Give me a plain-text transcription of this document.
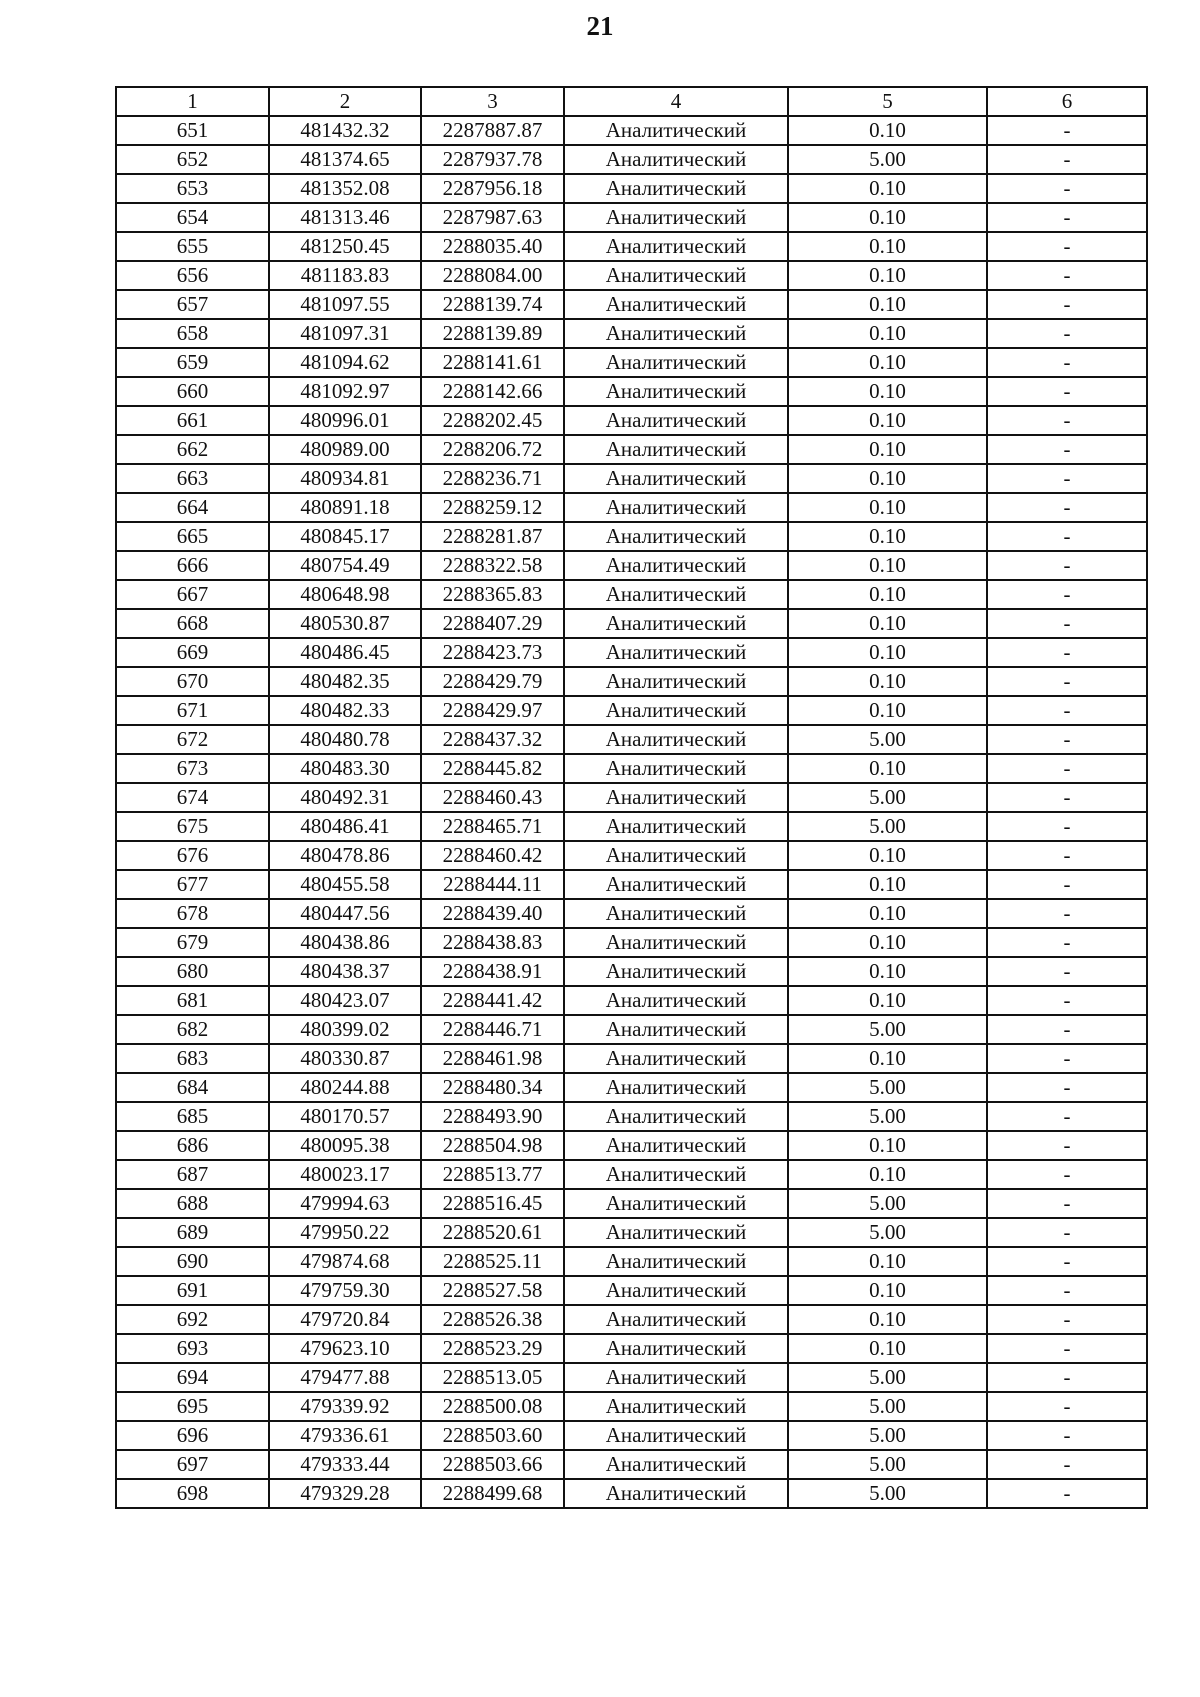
21
1	2	3	4	5	6
651	481432.32	2287887.87	Аналитический	0.10	-
652	481374.65	2287937.78	Аналитический	5.00	-
653	481352.08	2287956.18	Аналитический	0.10	-
654	481313.46	2287987.63	Аналитический	0.10	-
655	481250.45	2288035.40	Аналитический	0.10	-
656	481183.83	2288084.00	Аналитический	0.10	-
657	481097.55	2288139.74	Аналитический	0.10	-
658	481097.31	2288139.89	Аналитический	0.10	-
659	481094.62	2288141.61	Аналитический	0.10	-
660	481092.97	2288142.66	Аналитический	0.10	-
661	480996.01	2288202.45	Аналитический	0.10	-
662	480989.00	2288206.72	Аналитический	0.10	-
663	480934.81	2288236.71	Аналитический	0.10	-
664	480891.18	2288259.12	Аналитический	0.10	-
665	480845.17	2288281.87	Аналитический	0.10	-
666	480754.49	2288322.58	Аналитический	0.10	-
667	480648.98	2288365.83	Аналитический	0.10	-
668	480530.87	2288407.29	Аналитический	0.10	-
669	480486.45	2288423.73	Аналитический	0.10	-
670	480482.35	2288429.79	Аналитический	0.10	-
671	480482.33	2288429.97	Аналитический	0.10	-
672	480480.78	2288437.32	Аналитический	5.00	-
673	480483.30	2288445.82	Аналитический	0.10	-
674	480492.31	2288460.43	Аналитический	5.00	-
675	480486.41	2288465.71	Аналитический	5.00	-
676	480478.86	2288460.42	Аналитический	0.10	-
677	480455.58	2288444.11	Аналитический	0.10	-
678	480447.56	2288439.40	Аналитический	0.10	-
679	480438.86	2288438.83	Аналитический	0.10	-
680	480438.37	2288438.91	Аналитический	0.10	-
681	480423.07	2288441.42	Аналитический	0.10	-
682	480399.02	2288446.71	Аналитический	5.00	-
683	480330.87	2288461.98	Аналитический	0.10	-
684	480244.88	2288480.34	Аналитический	5.00	-
685	480170.57	2288493.90	Аналитический	5.00	-
686	480095.38	2288504.98	Аналитический	0.10	-
687	480023.17	2288513.77	Аналитический	0.10	-
688	479994.63	2288516.45	Аналитический	5.00	-
689	479950.22	2288520.61	Аналитический	5.00	-
690	479874.68	2288525.11	Аналитический	0.10	-
691	479759.30	2288527.58	Аналитический	0.10	-
692	479720.84	2288526.38	Аналитический	0.10	-
693	479623.10	2288523.29	Аналитический	0.10	-
694	479477.88	2288513.05	Аналитический	5.00	-
695	479339.92	2288500.08	Аналитический	5.00	-
696	479336.61	2288503.60	Аналитический	5.00	-
697	479333.44	2288503.66	Аналитический	5.00	-
698	479329.28	2288499.68	Аналитический	5.00	-
